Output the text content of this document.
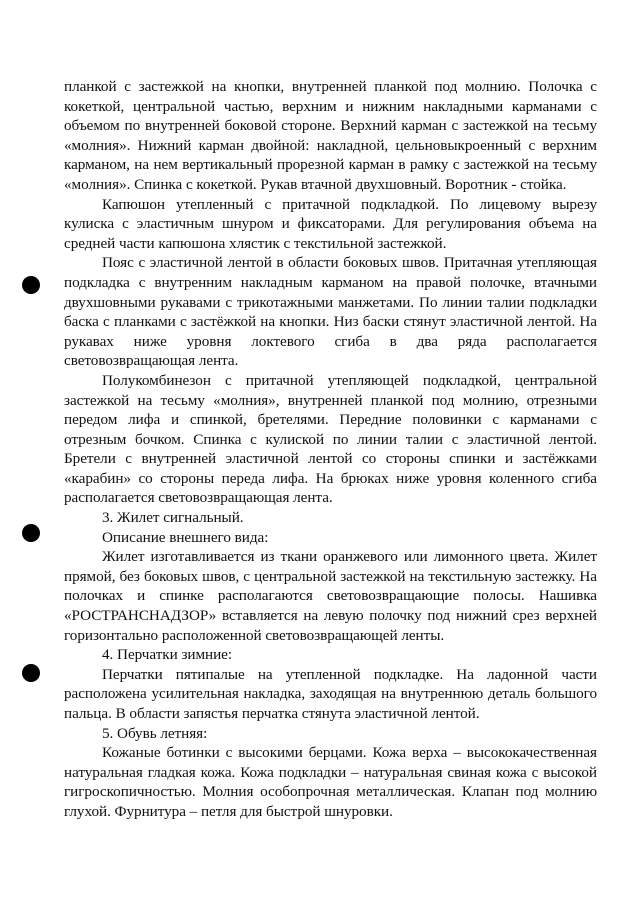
планкой с застежкой на кнопки, внутренней планкой под молнию. Полочка с кокеткой, центральной частью, верхним и нижним накладными карманами с объемом по внутренней боковой стороне. Верхний карман с застежкой на тесьму «молния». Нижний карман двойной: накладной, цельновыкроенный с верхним карманом, на нем вертикальный прорезной карман в рамку с застежкой на тесьму «молния». Спинка с кокеткой. Рукав втачной двухшовный. Воротник - стойка.

Капюшон утепленный с притачной подкладкой. По лицевому вырезу кулиска с эластичным шнуром и фиксаторами. Для регулирования объема на средней части капюшона хлястик с текстильной застежкой.

Пояс с эластичной лентой в области боковых швов. Притачная утепляющая подкладка с внутренним накладным карманом на правой полочке, втачными двухшовными рукавами с трикотажными манжетами. По линии талии подкладки баска с планками с застёжкой на кнопки. Низ баски стянут эластичной лентой. На рукавах ниже уровня локтевого сгиба в два ряда располагается световозвращающая лента.

Полукомбинезон с притачной утепляющей подкладкой, центральной застежкой на тесьму «молния», внутренней планкой под молнию, отрезными передом лифа и спинкой, бретелями. Передние половинки с карманами с отрезным бочком. Спинка с кулиской по линии талии с эластичной лентой. Бретели с внутренней эластичной лентой со стороны спинки и застёжками «карабин» со стороны переда лифа. На брюках ниже уровня коленного сгиба располагается световозвращающая лента.

3. Жилет сигнальный.

Описание внешнего вида:

Жилет изготавливается из ткани оранжевого или лимонного цвета. Жилет прямой, без боковых швов, с центральной застежкой на текстильную застежку. На полочках и спинке располагаются световозвращающие полосы. Нашивка «РОСТРАНСНАДЗОР» вставляется на левую полочку под нижний срез верхней горизонтально расположенной световозвращающей ленты.

4. Перчатки зимние:

Перчатки пятипалые на утепленной подкладке. На ладонной части расположена усилительная накладка, заходящая на внутреннюю деталь большого пальца. В области запястья перчатка стянута эластичной лентой.

5. Обувь летняя:

Кожаные ботинки с высокими берцами. Кожа верха – высококачественная натуральная гладкая кожа. Кожа подкладки – натуральная свиная кожа с высокой гигроскопичностью. Молния особопрочная металлическая. Клапан под молнию глухой. Фурнитура – петля для быстрой шнуровки.
